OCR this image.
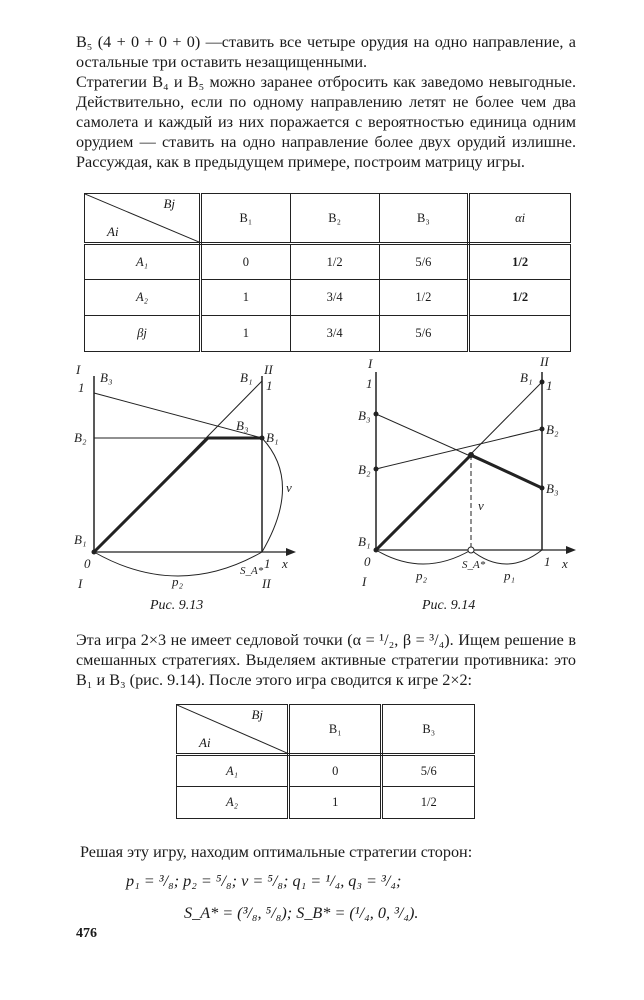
B₅ (4 + 0 + 0 + 0) —ставить все четыре орудия на одно направление, а остальные три оставить незащищенными.

Стратегии B₄ и B₅ можно заранее отбросить как заведомо невыгодные. Действительно, если по одному направлению летят не более чем два самолета и каждый из них поражается с вероятностью единица одним орудием — ставить на одно направление более двух орудий излишне. Рассуждая, как в предыдущем примере, построим матрицу игры.

Bj
Ai	B₁	B₂	B₃	αi
A₁	0	1/2	5/6	1/2
A₂	1	3/4	1/2	1/2
βj	1	3/4	5/6	
I	II
1
B₃	B₁
1
B₃
B₁
B₂
B₁
0	1 x
ν
p₂
S_A*
I	II
Рис. 9.13
I	II
1	B₁
1
B₃
B₂
B₂
B₃
B₁
0	1 x
ν
p₂
S_A*
p₁
I
Рис. 9.14

Эта игра 2×3 не имеет седловой точки (α = ¹/₂, β = ³/₄). Ищем решение в смешанных стратегиях. Выделяем активные стратегии противника: это B₁ и B₃ (рис. 9.14). После этого игра сводится к игре 2×2:

Bj
Ai	B₁	B₃
A₁	0	5/6
A₂	1	1/2

Решая эту игру, находим оптимальные стратегии сторон:

p₁ = ³/₈; p₂ = ⁵/₈; ν = ⁵/₈; q₁ = ¹/₄, q₃ = ³/₄;
S_A* = (³/₈, ⁵/₈); S_B* = (¹/₄, 0, ³/₄).
476
